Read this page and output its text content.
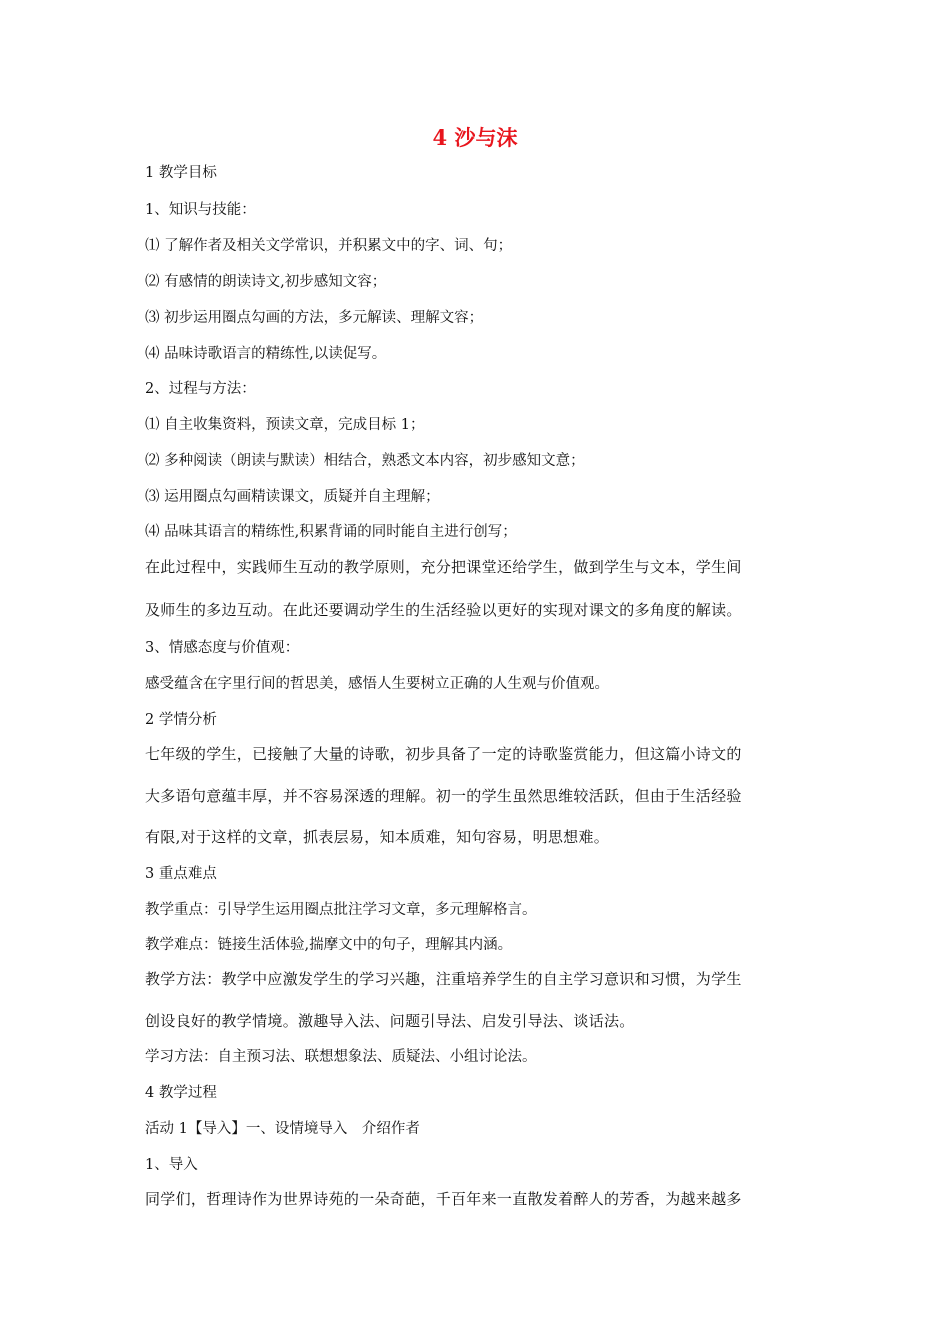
4 沙与沫
1 教学目标
1、知识与技能：
⑴ 了解作者及相关文学常识，并积累文中的字、词、句；
⑵ 有感情的朗读诗文,初步感知文容；
⑶ 初步运用圈点勾画的方法，多元解读、理解文容；
⑷ 品味诗歌语言的精练性,以读促写。
2、过程与方法：
⑴ 自主收集资料，预读文章，完成目标 1；
⑵ 多种阅读（朗读与默读）相结合，熟悉文本内容，初步感知文意；
⑶ 运用圈点勾画精读课文，质疑并自主理解；
⑷ 品味其语言的精练性,积累背诵的同时能自主进行创写；
在此过程中，实践师生互动的教学原则，充分把课堂还给学生，做到学生与文本，学生间
及师生的多边互动。在此还要调动学生的生活经验以更好的实现对课文的多角度的解读。
3、情感态度与价值观：
感受蕴含在字里行间的哲思美，感悟人生要树立正确的人生观与价值观。
2 学情分析
七年级的学生，已接触了大量的诗歌，初步具备了一定的诗歌鉴赏能力，但这篇小诗文的
大多语句意蕴丰厚，并不容易深透的理解。初一的学生虽然思维较活跃，但由于生活经验
有限,对于这样的文章，抓表层易，知本质难，知句容易，明思想难。
3 重点难点
教学重点：引导学生运用圈点批注学习文章，多元理解格言。
教学难点：链接生活体验,揣摩文中的句子，理解其内涵。
教学方法：教学中应激发学生的学习兴趣，注重培养学生的自主学习意识和习惯，为学生
创设良好的教学情境。激趣导入法、问题引导法、启发引导法、谈话法。
学习方法：自主预习法、联想想象法、质疑法、小组讨论法。
4 教学过程
活动 1【导入】一、设情境导入　介绍作者
1、导入
同学们，哲理诗作为世界诗苑的一朵奇葩，千百年来一直散发着醉人的芳香，为越来越多
